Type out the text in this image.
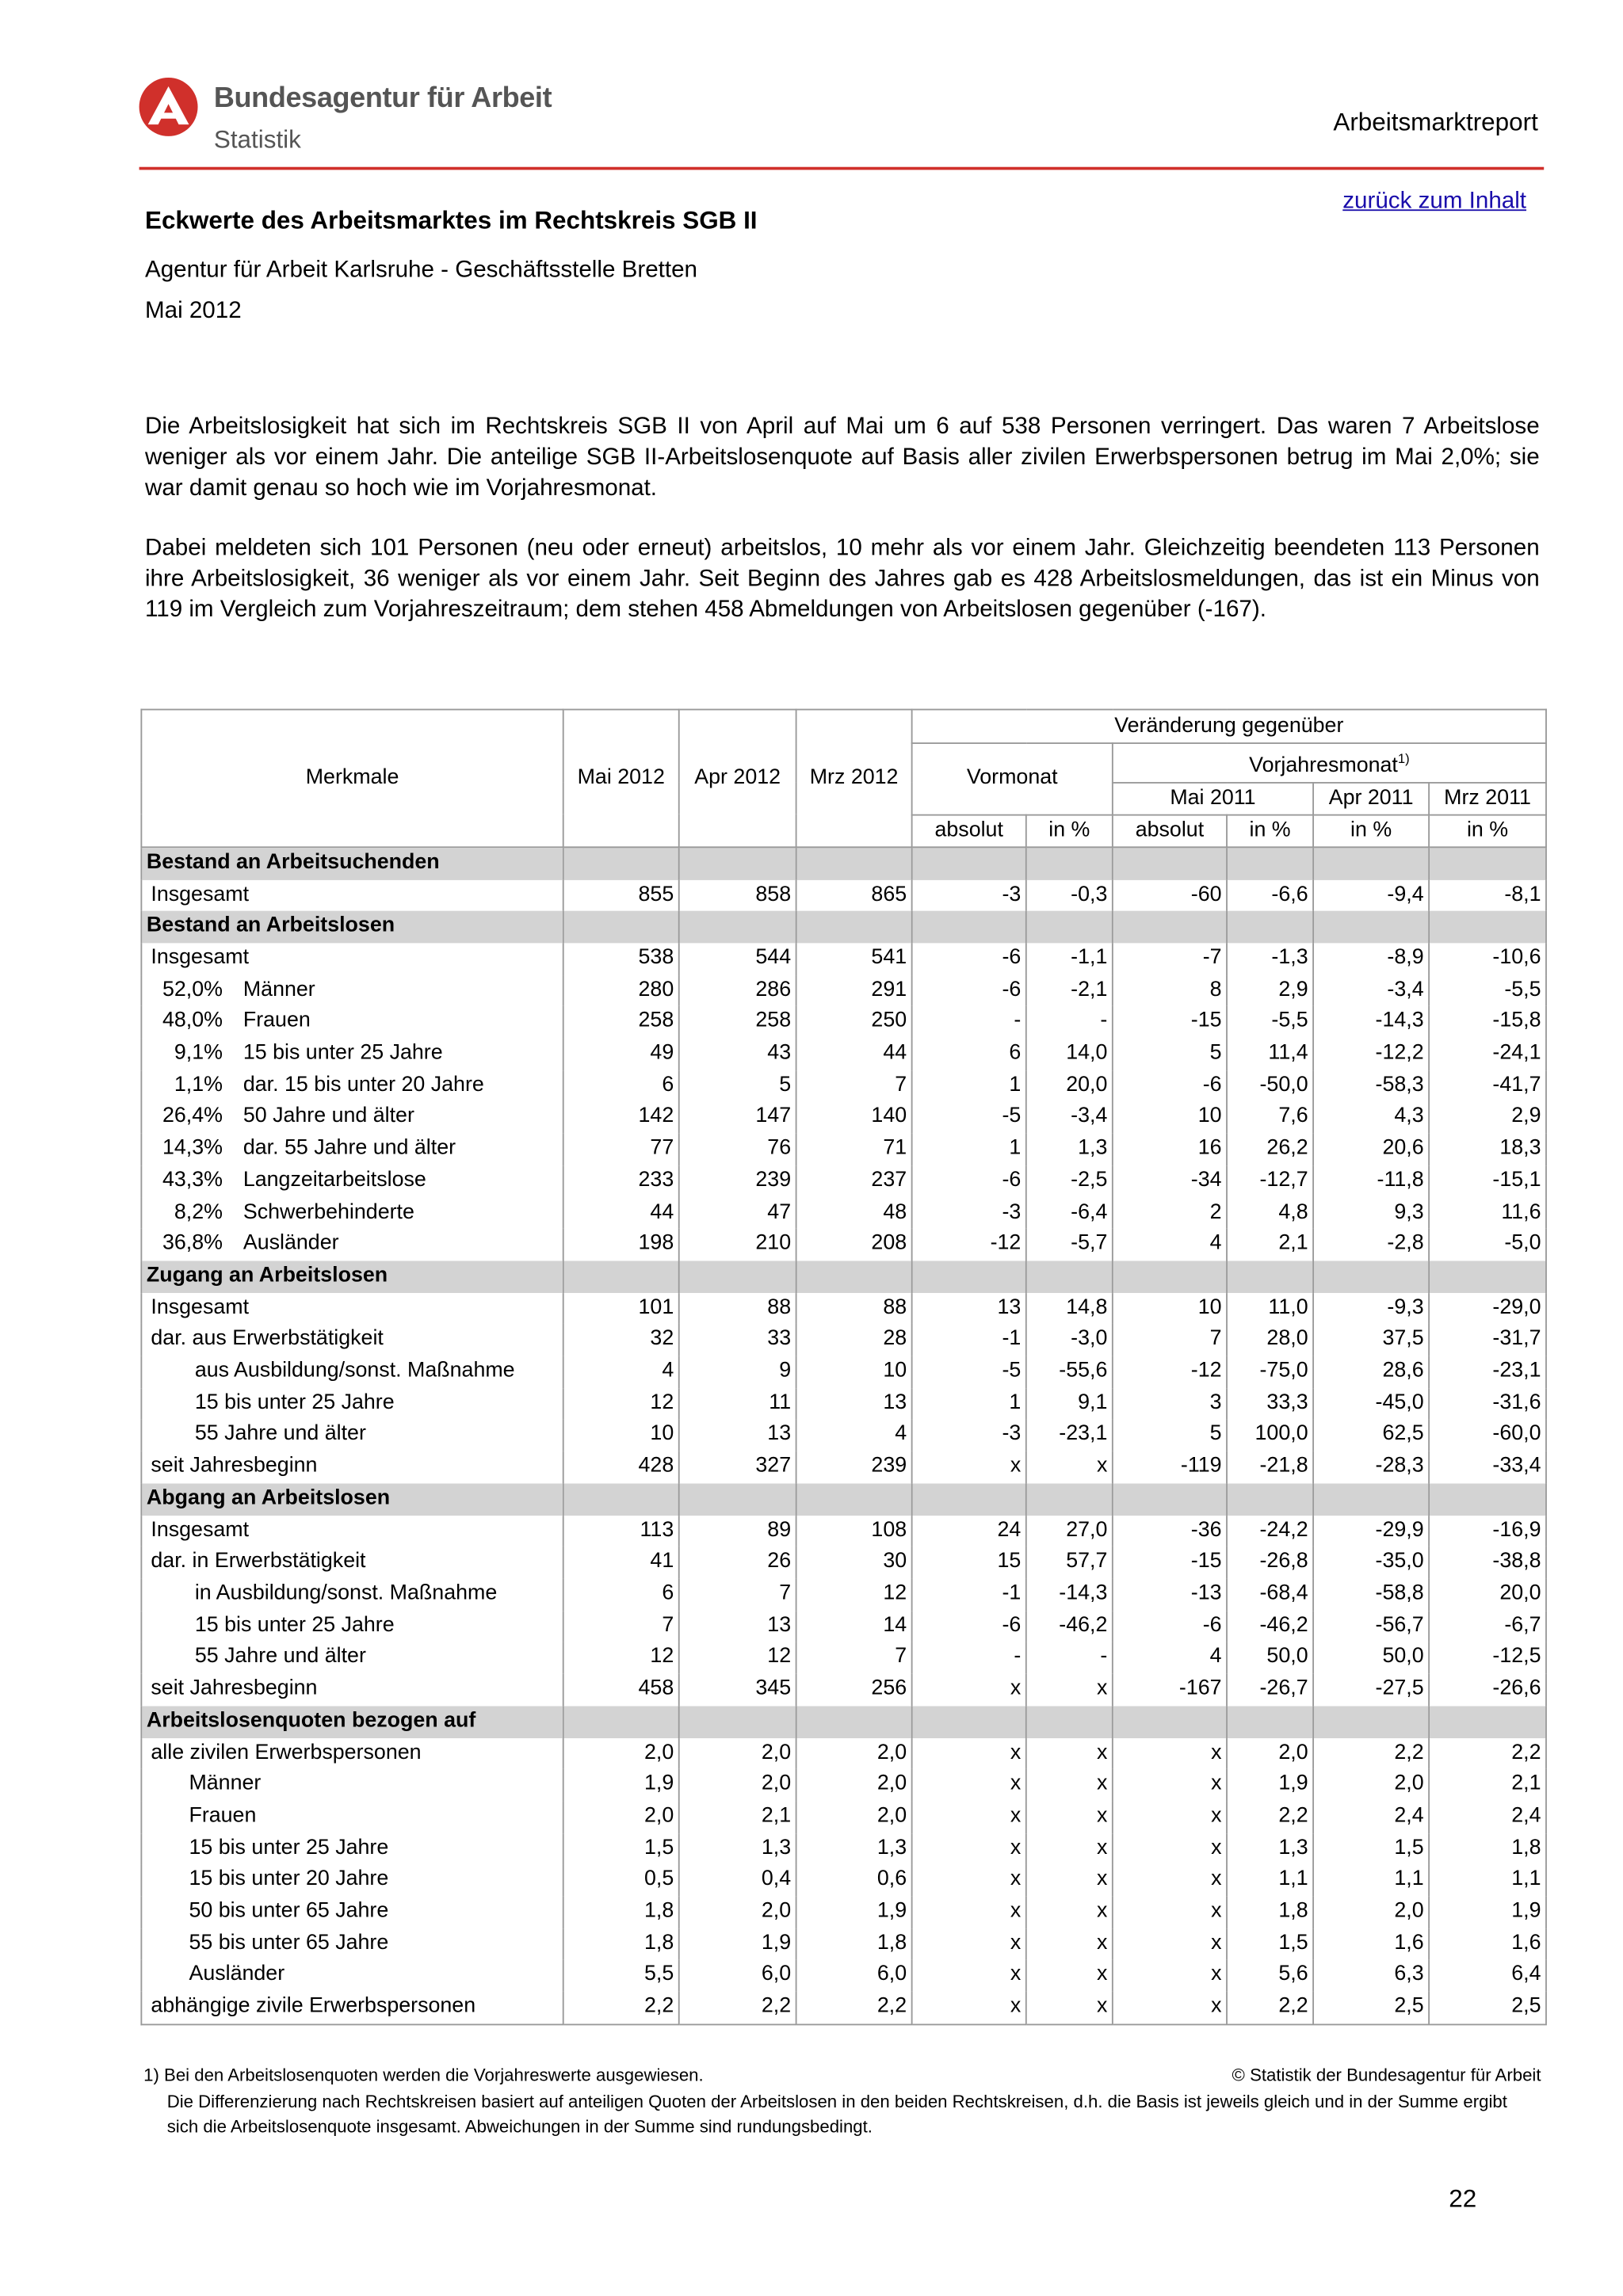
Bundesagentur für Arbeit
Statistik
Arbeitsmarktreport
zurück zum Inhalt
Eckwerte des Arbeitsmarktes im Rechtskreis SGB II
Agentur für Arbeit Karlsruhe - Geschäftsstelle Bretten
Mai 2012
Die Arbeitslosigkeit hat sich im Rechtskreis SGB II von April auf Mai um 6 auf 538 Personen verringert. Das waren 7 Arbeitslose weniger als vor einem Jahr. Die anteilige SGB II-Arbeitslosenquote auf Basis aller zivilen Erwerbspersonen betrug im Mai 2,0%; sie war damit genau so hoch wie im Vorjahresmonat.
Dabei meldeten sich 101 Personen (neu oder erneut) arbeitslos, 10 mehr als vor einem Jahr. Gleichzeitig beendeten 113 Personen ihre Arbeitslosigkeit, 36 weniger als vor einem Jahr. Seit Beginn des Jahres gab es 428 Arbeitslosmeldungen, das ist ein Minus von 119 im Vergleich zum Vorjahreszeitraum; dem stehen 458 Abmeldungen von Arbeitslosen gegenüber (-167).
Merkmale	Mai 2012	Apr 2012	Mrz 2012	Veränderung gegenüber					
				Vormonat		Vorjahresmonat$^{1)}$
						Mai 2011		Apr 2011	Mrz 2011
				absolut	in %	absolut	in %	in %	in %
Bestand an Arbeitsuchenden									
Insgesamt	855	858	865	-3	-0,3	-60	-6,6	-9,4	-8,1
Bestand an Arbeitslosen									
Insgesamt	538	544	541	-6	-1,1	-7	-1,3	-8,9	-10,6
52,0% Männer	280	286	291	-6	-2,1	8	2,9	-3,4	-5,5
48,0% Frauen	258	258	250	-	-	-15	-5,5	-14,3	-15,8
9,1% 15 bis unter 25 Jahre	49	43	44	6	14,0	5	11,4	-12,2	-24,1
1,1% dar. 15 bis unter 20 Jahre	6	5	7	1	20,0	-6	-50,0	-58,3	-41,7
26,4% 50 Jahre und älter	142	147	140	-5	-3,4	10	7,6	4,3	2,9
14,3% dar. 55 Jahre und älter	77	76	71	1	1,3	16	26,2	20,6	18,3
43,3% Langzeitarbeitslose	233	239	237	-6	-2,5	-34	-12,7	-11,8	-15,1
8,2% Schwerbehinderte	44	47	48	-3	-6,4	2	4,8	9,3	11,6
36,8% Ausländer	198	210	208	-12	-5,7	4	2,1	-2,8	-5,0
Zugang an Arbeitslosen									
Insgesamt	101	88	88	13	14,8	10	11,0	-9,3	-29,0
dar. aus Erwerbstätigkeit	32	33	28	-1	-3,0	7	28,0	37,5	-31,7
aus Ausbildung/sonst. Maßnahme	4	9	10	-5	-55,6	-12	-75,0	28,6	-23,1
15 bis unter 25 Jahre	12	11	13	1	9,1	3	33,3	-45,0	-31,6
55 Jahre und älter	10	13	4	-3	-23,1	5	100,0	62,5	-60,0
seit Jahresbeginn	428	327	239	x	x	-119	-21,8	-28,3	-33,4
Abgang an Arbeitslosen									
Insgesamt	113	89	108	24	27,0	-36	-24,2	-29,9	-16,9
dar. in Erwerbstätigkeit	41	26	30	15	57,7	-15	-26,8	-35,0	-38,8
in Ausbildung/sonst. Maßnahme	6	7	12	-1	-14,3	-13	-68,4	-58,8	20,0
15 bis unter 25 Jahre	7	13	14	-6	-46,2	-6	-46,2	-56,7	-6,7
55 Jahre und älter	12	12	7	-	-	4	50,0	50,0	-12,5
seit Jahresbeginn	458	345	256	x	x	-167	-26,7	-27,5	-26,6
Arbeitslosenquoten bezogen auf									
alle zivilen Erwerbspersonen	2,0	2,0	2,0	x	x	x	2,0	2,2	2,2
Männer	1,9	2,0	2,0	x	x	x	1,9	2,0	2,1
Frauen	2,0	2,1	2,0	x	x	x	2,2	2,4	2,4
15 bis unter 25 Jahre	1,5	1,3	1,3	x	x	x	1,3	1,5	1,8
15 bis unter 20 Jahre	0,5	0,4	0,6	x	x	x	1,1	1,1	1,1
50 bis unter 65 Jahre	1,8	2,0	1,9	x	x	x	1,8	2,0	1,9
55 bis unter 65 Jahre	1,8	1,9	1,8	x	x	x	1,5	1,6	1,6
Ausländer	5,5	6,0	6,0	x	x	x	5,6	6,3	6,4
abhängige zivile Erwerbspersonen	2,2	2,2	2,2	x	x	x	2,2	2,5	2,5
1) Bei den Arbeitslosenquoten werden die Vorjahreswerte ausgewiesen.	© Statistik der Bundesagentur für Arbeit
Die Differenzierung nach Rechtskreisen basiert auf anteiligen Quoten der Arbeitslosen in den beiden Rechtskreisen, d.h. die Basis ist jeweils gleich und in der Summe ergibt sich die Arbeitslosenquote insgesamt. Abweichungen in der Summe sind rundungsbedingt.
22
